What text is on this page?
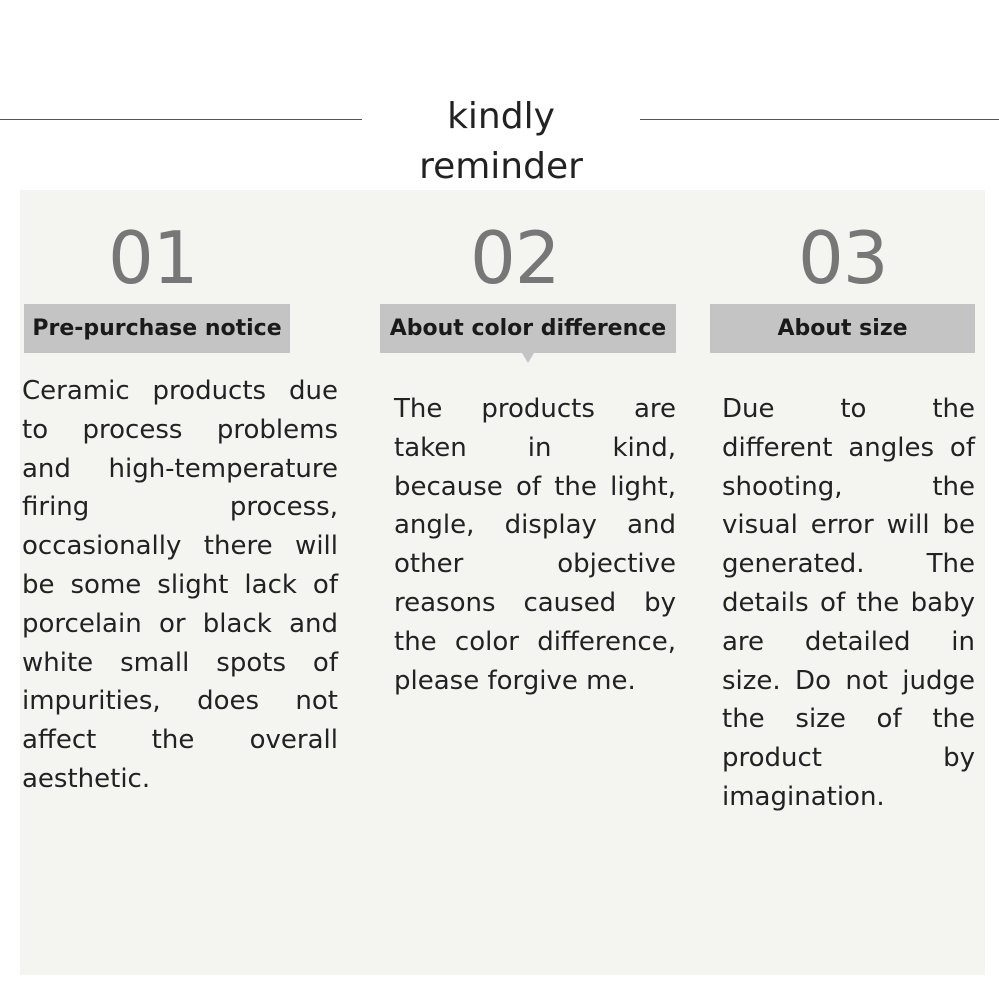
kindly reminder
01
Pre-purchase notice
Ceramic products due to process problems and high-temperature firing process, occasionally there will be some slight lack of porcelain or black and white small spots of impurities, does not affect the overall aesthetic.
02
About color difference
The products are taken in kind, because of the light, angle, display and other objective reasons caused by the color difference, please forgive me.
03
About size
Due to the different angles of shooting, the visual error will be generated. The details of the baby are detailed in size. Do not judge the size of the product by imagination.
